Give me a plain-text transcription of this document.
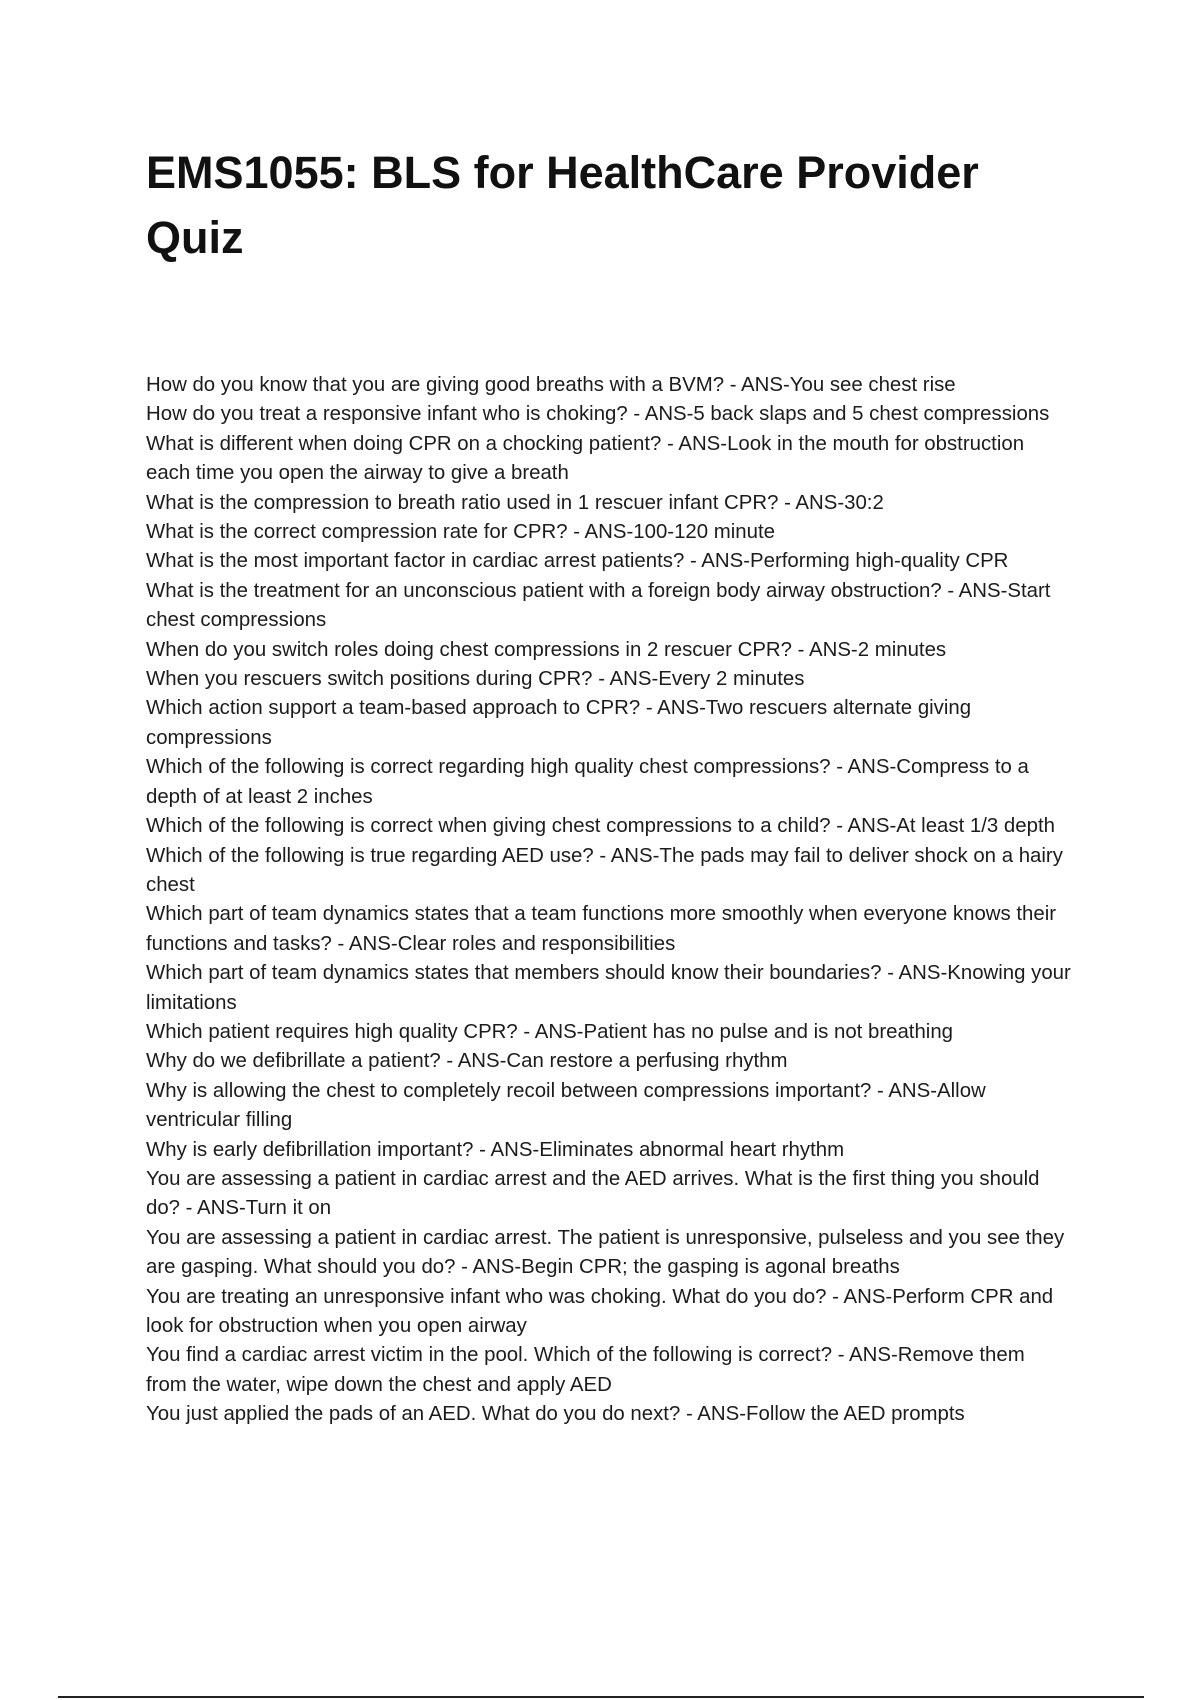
EMS1055: BLS for HealthCare Provider Quiz
How do you know that you are giving good breaths with a BVM? - ANS-You see chest rise
How do you treat a responsive infant who is choking? - ANS-5 back slaps and 5 chest compressions
What is different when doing CPR on a chocking patient? - ANS-Look in the mouth for obstruction each time you open the airway to give a breath
What is the compression to breath ratio used in 1 rescuer infant CPR? - ANS-30:2
What is the correct compression rate for CPR? - ANS-100-120 minute
What is the most important factor in cardiac arrest patients? - ANS-Performing high-quality CPR
What is the treatment for an unconscious patient with a foreign body airway obstruction? - ANS-Start chest compressions
When do you switch roles doing chest compressions in 2 rescuer CPR? - ANS-2 minutes
When you rescuers switch positions during CPR? - ANS-Every 2 minutes
Which action support a team-based approach to CPR? - ANS-Two rescuers alternate giving compressions
Which of the following is correct regarding high quality chest compressions? - ANS-Compress to a depth of at least 2 inches
Which of the following is correct when giving chest compressions to a child? - ANS-At least 1/3 depth
Which of the following is true regarding AED use? - ANS-The pads may fail to deliver shock on a hairy chest
Which part of team dynamics states that a team functions more smoothly when everyone knows their functions and tasks? - ANS-Clear roles and responsibilities
Which part of team dynamics states that members should know their boundaries? - ANS-Knowing your limitations
Which patient requires high quality CPR? - ANS-Patient has no pulse and is not breathing
Why do we defibrillate a patient? - ANS-Can restore a perfusing rhythm
Why is allowing the chest to completely recoil between compressions important? - ANS-Allow ventricular filling
Why is early defibrillation important? - ANS-Eliminates abnormal heart rhythm
You are assessing a patient in cardiac arrest and the AED arrives. What is the first thing you should do? - ANS-Turn it on
You are assessing a patient in cardiac arrest. The patient is unresponsive, pulseless and you see they are gasping. What should you do? - ANS-Begin CPR; the gasping is agonal breaths
You are treating an unresponsive infant who was choking. What do you do? - ANS-Perform CPR and look for obstruction when you open airway
You find a cardiac arrest victim in the pool. Which of the following is correct? - ANS-Remove them from the water, wipe down the chest and apply AED
You just applied the pads of an AED. What do you do next? - ANS-Follow the AED prompts
